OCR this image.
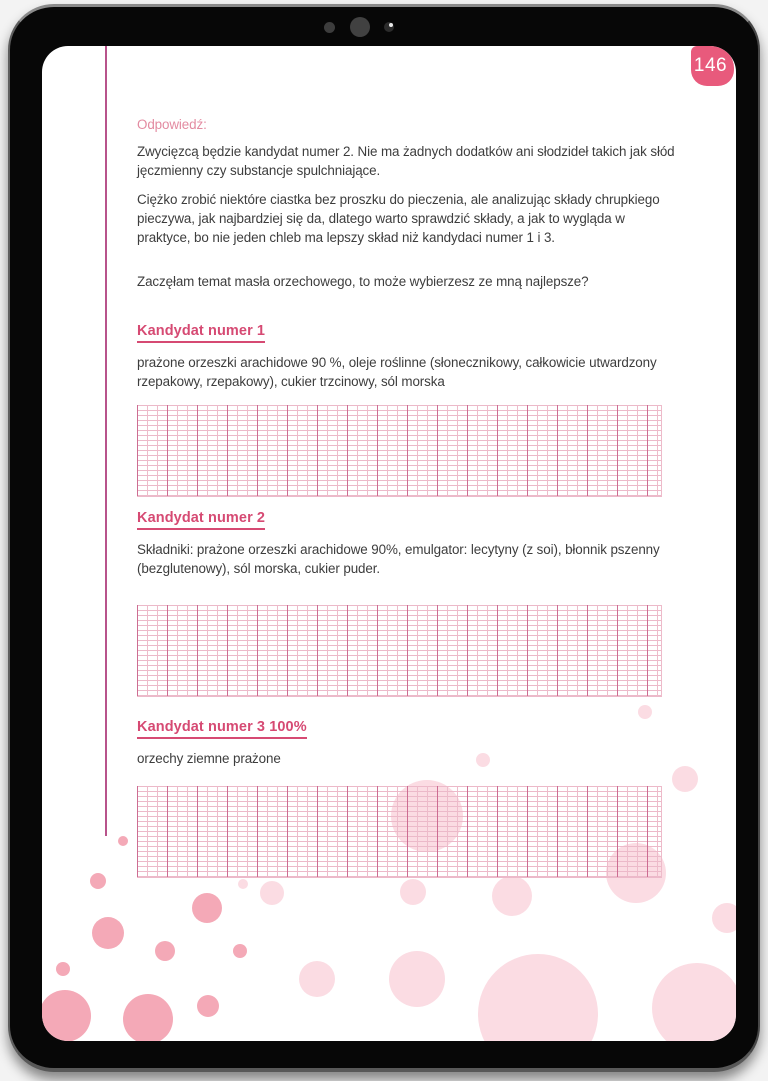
146
Odpowiedź:
Zwycięzcą będzie kandydat numer 2. Nie ma żadnych dodatków ani słodzideł takich jak słód jęczmienny czy substancje spulchniające.
Ciężko zrobić niektóre ciastka bez proszku do pieczenia, ale analizując składy chrupkiego pieczywa, jak najbardziej się da, dlatego warto sprawdzić składy, a jak to wygląda w praktyce, bo nie jeden chleb ma lepszy skład niż kandydaci numer 1 i 3.
Zaczęłam temat masła orzechowego, to może wybierzesz ze mną najlepsze?
Kandydat numer 1
prażone orzeszki arachidowe 90 %, oleje roślinne (słonecznikowy, całkowicie utwardzony rzepakowy, rzepakowy), cukier trzcinowy, sól morska
Kandydat numer 2
Składniki: prażone orzeszki arachidowe 90%, emulgator: lecytyny (z soi), błonnik pszenny (bezglutenowy), sól morska, cukier puder.
Kandydat numer 3 100%
orzechy ziemne prażone
